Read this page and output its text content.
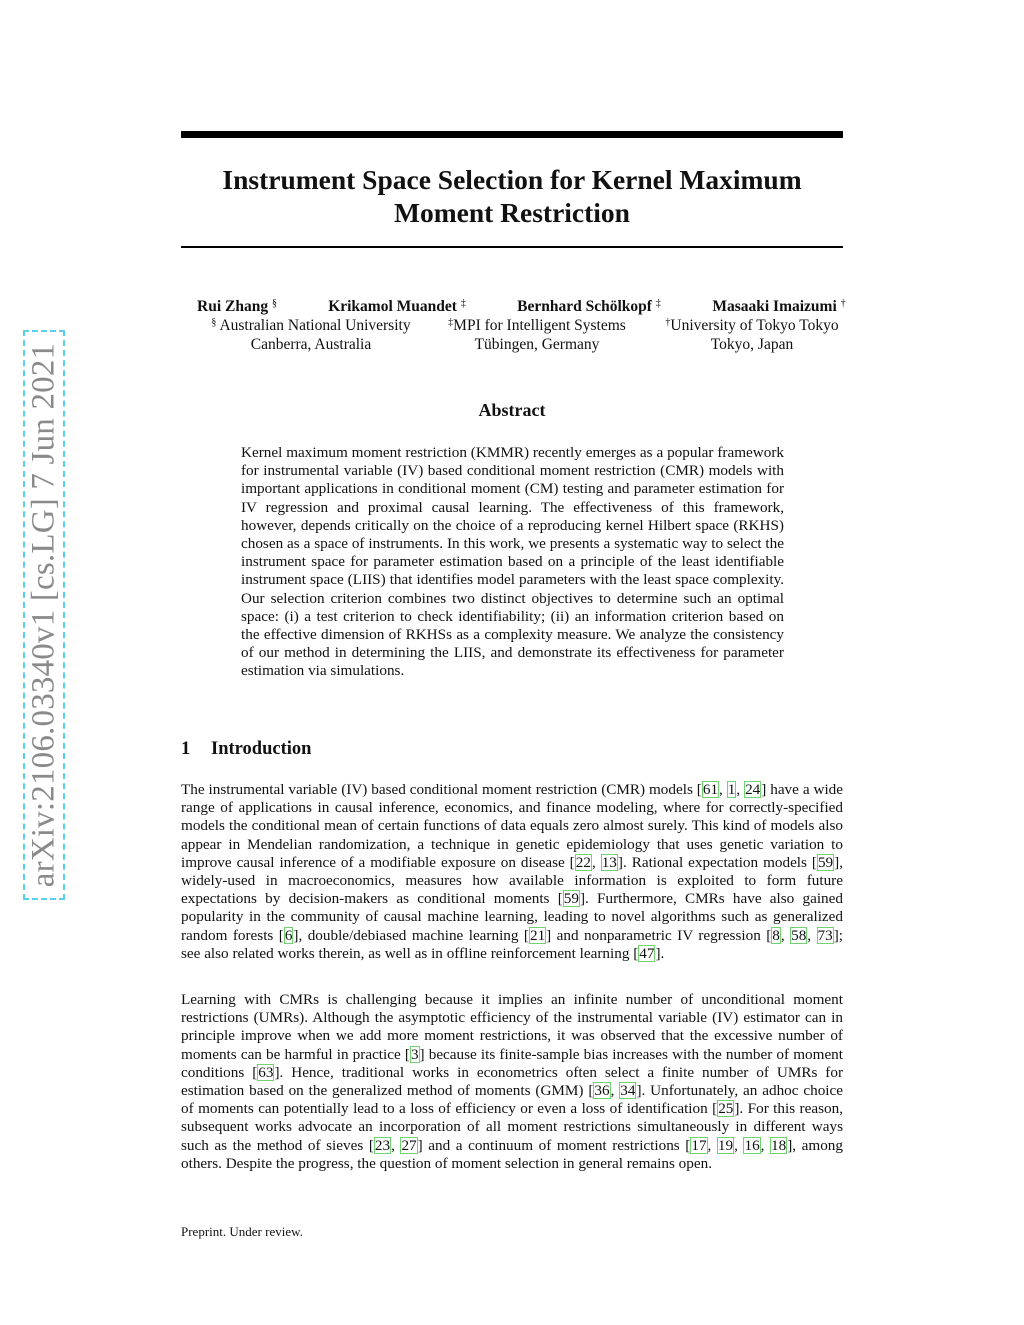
arXiv:2106.03340v1 [cs.LG] 7 Jun 2021
Instrument Space Selection for Kernel Maximum
Moment Restriction
Rui Zhang §
§ Australian National University
Canberra, Australia
Krikamol Muandet ‡
‡MPI for Intelligent Systems
Tübingen, Germany
Bernhard Schölkopf ‡	Masaaki Imaizumi †
†University of Tokyo Tokyo
Tokyo, Japan
Abstract

Kernel maximum moment restriction (KMMR) recently emerges as a popular framework for instrumental variable (IV) based conditional moment restriction (CMR) models with important applications in conditional moment (CM) testing and parameter estimation for IV regression and proximal causal learning. The effectiveness of this framework, however, depends critically on the choice of a reproducing kernel Hilbert space (RKHS) chosen as a space of instruments. In this work, we presents a systematic way to select the instrument space for parameter estimation based on a principle of the least identifiable instrument space (LIIS) that identifies model parameters with the least space complexity. Our selection criterion combines two distinct objectives to determine such an optimal space: (i) a test criterion to check identifiability; (ii) an information criterion based on the effective dimension of RKHSs as a complexity measure. We analyze the consistency of our method in determining the LIIS, and demonstrate its effectiveness for parameter estimation via simulations.

1 Introduction

The instrumental variable (IV) based conditional moment restriction (CMR) models [61, 1, 24] have a wide range of applications in causal inference, economics, and finance modeling, where for correctly-specified models the conditional mean of certain functions of data equals zero almost surely. This kind of models also appear in Mendelian randomization, a technique in genetic epidemiology that uses genetic variation to improve causal inference of a modifiable exposure on disease [22, 13]. Rational expectation models [59], widely-used in macroeconomics, measures how available information is exploited to form future expectations by decision-makers as conditional moments [59]. Furthermore, CMRs have also gained popularity in the community of causal machine learning, leading to novel algorithms such as generalized random forests [6], double/debiased machine learning [21] and nonparametric IV regression [8, 58, 73]; see also related works therein, as well as in offline reinforcement learning [47].

Learning with CMRs is challenging because it implies an infinite number of unconditional moment restrictions (UMRs). Although the asymptotic efficiency of the instrumental variable (IV) estimator can in principle improve when we add more moment restrictions, it was observed that the excessive number of moments can be harmful in practice [3] because its finite-sample bias increases with the number of moment conditions [63]. Hence, traditional works in econometrics often select a finite number of UMRs for estimation based on the generalized method of moments (GMM) [36, 34]. Unfortunately, an adhoc choice of moments can potentially lead to a loss of efficiency or even a loss of identification [25]. For this reason, subsequent works advocate an incorporation of all moment restrictions simultaneously in different ways such as the method of sieves [23, 27] and a continuum of moment restrictions [17, 19, 16, 18], among others. Despite the progress, the question of moment selection in general remains open.

Preprint. Under review.
